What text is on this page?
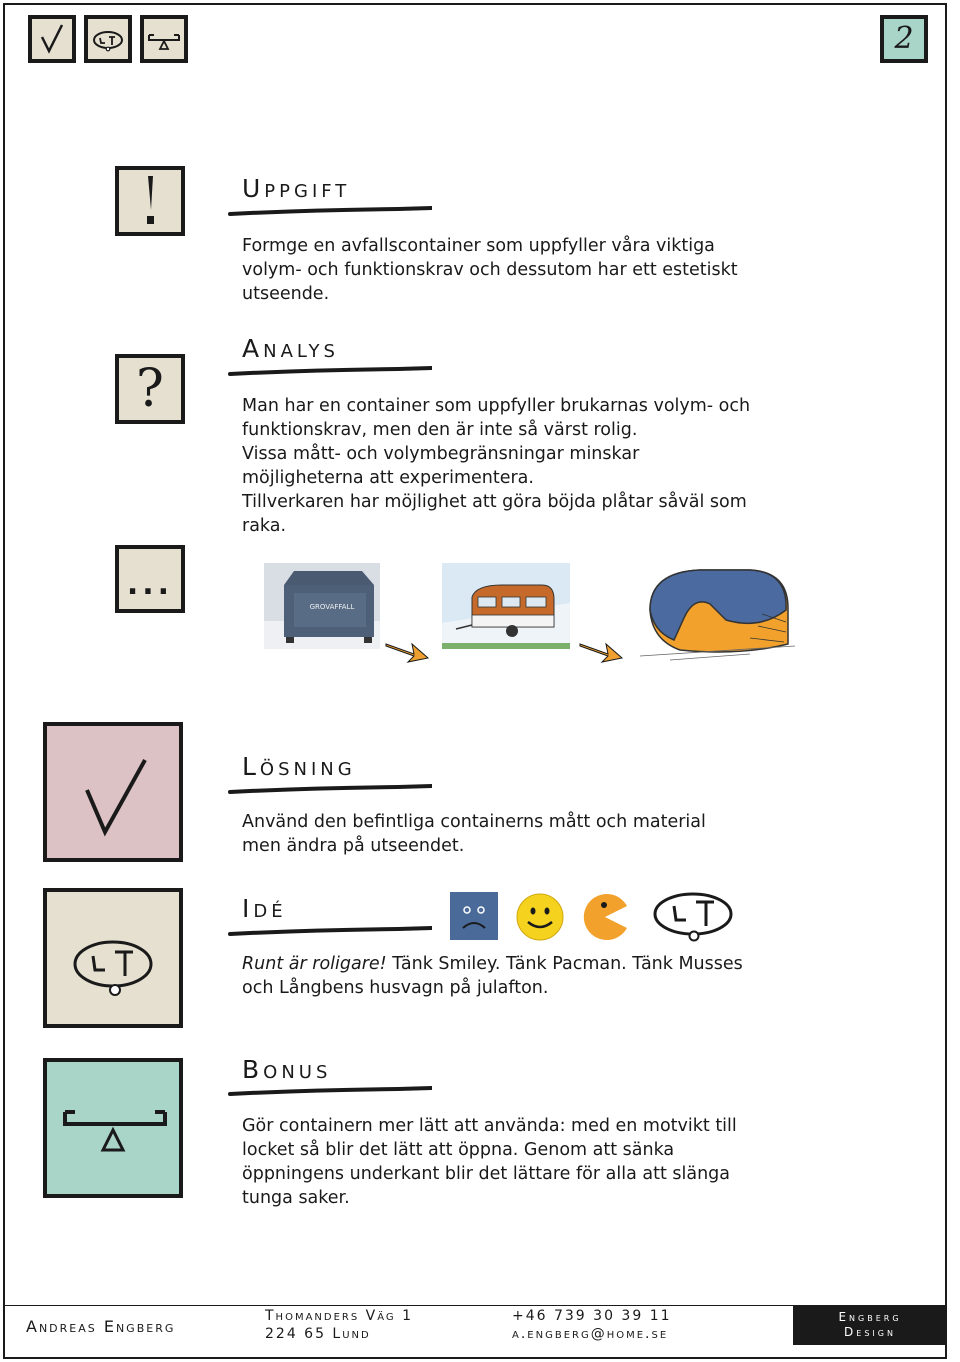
2
Uppgift

Formge en avfallscontainer som uppfyller våra viktiga volym- och funktionskrav och dessutom har ett estetiskt utseende.

?
Analys

Man har en container som uppfyller brukarnas volym- och funktionskrav, men den är inte så värst rolig.

Vissa mått- och volymbegränsningar minskar möjligheterna att experimentera.

Tillverkaren har möjlighet att göra böjda plåtar såväl som raka.

...
GROVAFFALL
Lösning

Använd den befintliga containerns mått och material men ändra på utseendet.

Idé

Runt är roligare! Tänk Smiley. Tänk Pacman. Tänk Musses och Långbens husvagn på julafton.

Bonus

Gör containern mer lätt att använda: med en motvikt till locket så blir det lätt att öppna. Genom att sänka öppningens underkant blir det lättare för alla att slänga tunga saker.

Andreas Engberg
Thomanders Väg 1
224 65 Lund
+46 739 30 39 11
a.engberg@home.se
Engberg
Design
